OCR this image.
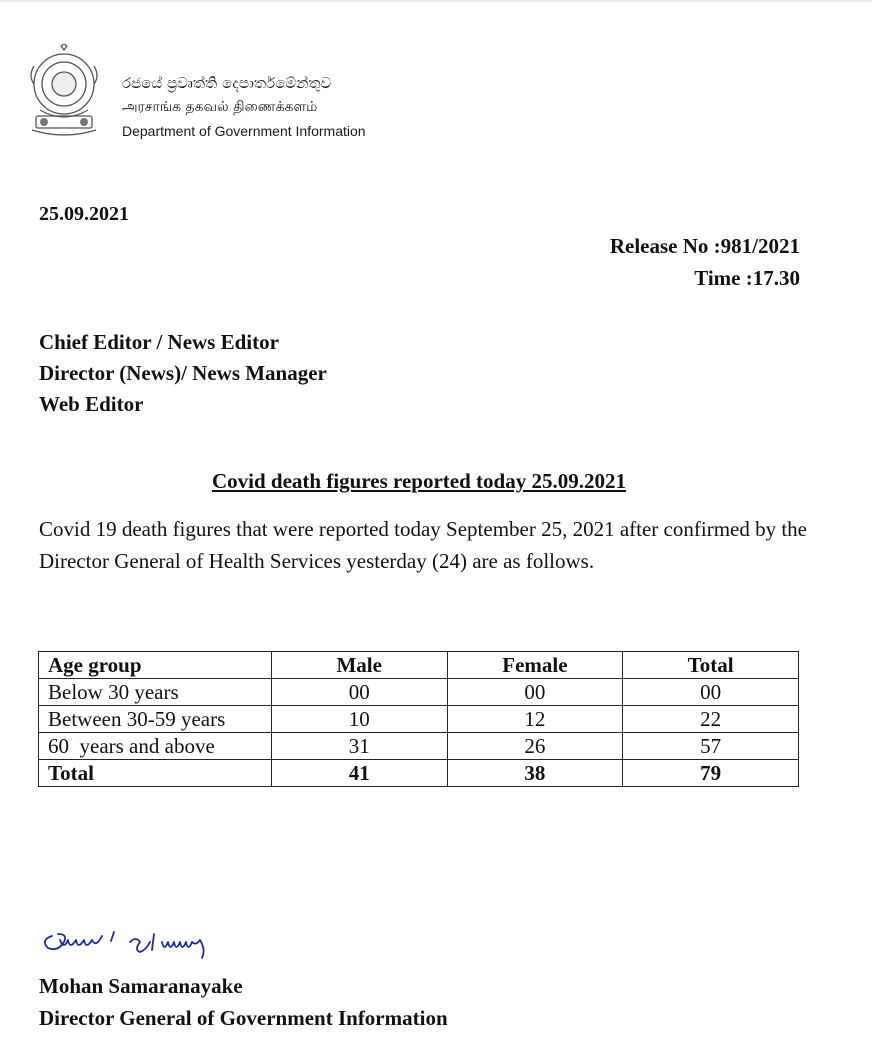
රජයේ ප්‍රවෘත්ති දෙපාර්තමේන්තුව
அரசாங்க தகவல் திணைக்களம்
Department of Government Information
25.09.2021
Release No :981/2021
Time :17.30
Chief Editor / News Editor
Director (News)/ News Manager
Web Editor
Covid death figures reported today 25.09.2021
Covid 19 death figures that were reported today September 25, 2021 after confirmed by the Director General of Health Services yesterday (24) are as follows.
Age group	Male	Female	Total
Below 30 years	00	00	00
Between 30-59 years	10	12	22
60  years and above	31	26	57
Total	41	38	79
Mohan Samaranayake
Director General of Government Information
